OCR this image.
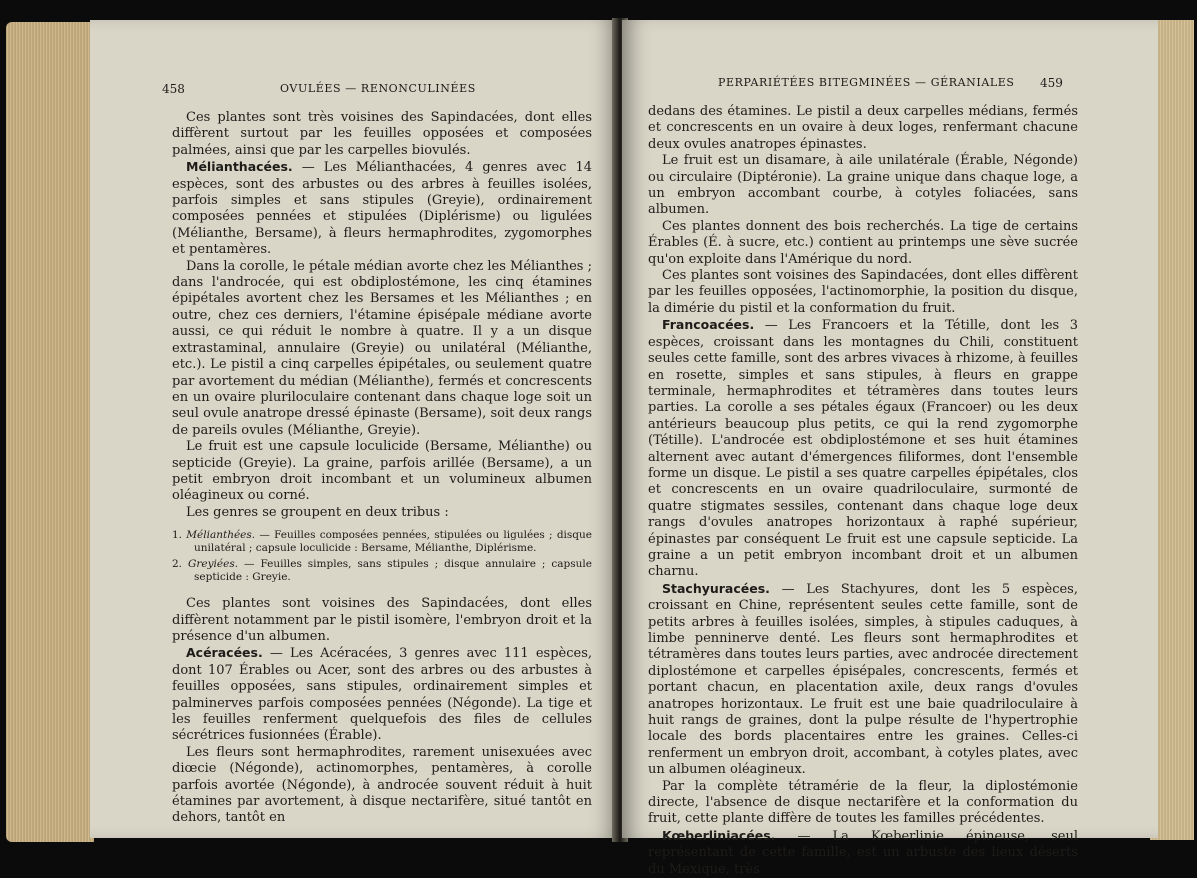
458	OVULÉES — RENONCULINÉES

Ces plantes sont très voisines des Sapindacées, dont elles diffèrent surtout par les feuilles opposées et composées palmées, ainsi que par les carpelles biovulés.

Mélianthacées. — Les Mélianthacées, 4 genres avec 14 espèces, sont des arbustes ou des arbres à feuilles isolées, parfois simples et sans stipules (Greyie), ordinairement composées pennées et stipulées (Diplérisme) ou ligulées (Mélianthe, Bersame), à fleurs hermaphrodites, zygomorphes et pentamères.

Dans la corolle, le pétale médian avorte chez les Mélianthes ; dans l'androcée, qui est obdiplostémone, les cinq étamines épipétales avortent chez les Bersames et les Mélianthes ; en outre, chez ces derniers, l'étamine épisépale médiane avorte aussi, ce qui réduit le nombre à quatre. Il y a un disque extrastaminal, annulaire (Greyie) ou unilatéral (Mélianthe, etc.). Le pistil a cinq carpelles épipétales, ou seulement quatre par avortement du médian (Mélianthe), fermés et concrescents en un ovaire pluriloculaire contenant dans chaque loge soit un seul ovule anatrope dressé épinaste (Bersame), soit deux rangs de pareils ovules (Mélianthe, Greyie).

Le fruit est une capsule loculicide (Bersame, Mélianthe) ou septicide (Greyie). La graine, parfois arillée (Bersame), a un petit embryon droit incombant et un volumineux albumen oléagineux ou corné.

Les genres se groupent en deux tribus :

1. Mélianthées. — Feuilles composées pennées, stipulées ou ligulées ; disque unilatéral ; capsule loculicide : Bersame, Mélianthe, Diplérisme.
2. Greyiées. — Feuilles simples, sans stipules ; disque annulaire ; capsule septicide : Greyie.

Ces plantes sont voisines des Sapindacées, dont elles diffèrent notamment par le pistil isomère, l'embryon droit et la présence d'un albumen.

Acéracées. — Les Acéracées, 3 genres avec 111 espèces, dont 107 Érables ou Acer, sont des arbres ou des arbustes à feuilles opposées, sans stipules, ordinairement simples et palminerves parfois composées pennées (Négonde). La tige et les feuilles renferment quelquefois des files de cellules sécrétrices fusionnées (Érable).

Les fleurs sont hermaphrodites, rarement unisexuées avec diœcie (Négonde), actinomorphes, pentamères, à corolle parfois avortée (Négonde), à androcée souvent réduit à huit étamines par avortement, à disque nectarifère, situé tantôt en dehors, tantôt en

PERPARIÉTÉES BITEGMINÉES — GÉRANIALES 459

dedans des étamines. Le pistil a deux carpelles médians, fermés et concrescents en un ovaire à deux loges, renfermant chacune deux ovules anatropes épinastes.

Le fruit est un disamare, à aile unilatérale (Érable, Négonde) ou circulaire (Diptéronie). La graine unique dans chaque loge, a un embryon accombant courbe, à cotyles foliacées, sans albumen.

Ces plantes donnent des bois recherchés. La tige de certains Érables (É. à sucre, etc.) contient au printemps une sève sucrée qu'on exploite dans l'Amérique du nord.

Ces plantes sont voisines des Sapindacées, dont elles diffèrent par les feuilles opposées, l'actinomorphie, la position du disque, la dimérie du pistil et la conformation du fruit.

Francoacées. — Les Francoers et la Tétille, dont les 3 espèces, croissant dans les montagnes du Chili, constituent seules cette famille, sont des arbres vivaces à rhizome, à feuilles en rosette, simples et sans stipules, à fleurs en grappe terminale, hermaphrodites et tétramères dans toutes leurs parties. La corolle a ses pétales égaux (Francoer) ou les deux antérieurs beaucoup plus petits, ce qui la rend zygomorphe (Tétille). L'androcée est obdiplostémone et ses huit étamines alternent avec autant d'émergences filiformes, dont l'ensemble forme un disque. Le pistil a ses quatre carpelles épipétales, clos et concrescents en un ovaire quadriloculaire, surmonté de quatre stigmates sessiles, contenant dans chaque loge deux rangs d'ovules anatropes horizontaux à raphé supérieur, épinastes par conséquent Le fruit est une capsule septicide. La graine a un petit embryon incombant droit et un albumen charnu.

Stachyuracées. — Les Stachyures, dont les 5 espèces, croissant en Chine, représentent seules cette famille, sont de petits arbres à feuilles isolées, simples, à stipules caduques, à limbe penninerve denté. Les fleurs sont hermaphrodites et tétramères dans toutes leurs parties, avec androcée directement diplostémone et carpelles épisépales, concrescents, fermés et portant chacun, en placentation axile, deux rangs d'ovules anatropes horizontaux. Le fruit est une baie quadriloculaire à huit rangs de graines, dont la pulpe résulte de l'hypertrophie locale des bords placentaires entre les graines. Celles-ci renferment un embryon droit, accombant, à cotyles plates, avec un albumen oléagineux.

Par la complète tétramérie de la fleur, la diplostémonie directe, l'absence de disque nectarifère et la conformation du fruit, cette plante diffère de toutes les familles précédentes.

Kœberliniacées. — La Kœberlinie épineuse, seul représentant de cette famille, est un arbuste des lieux déserts du Mexique, très
